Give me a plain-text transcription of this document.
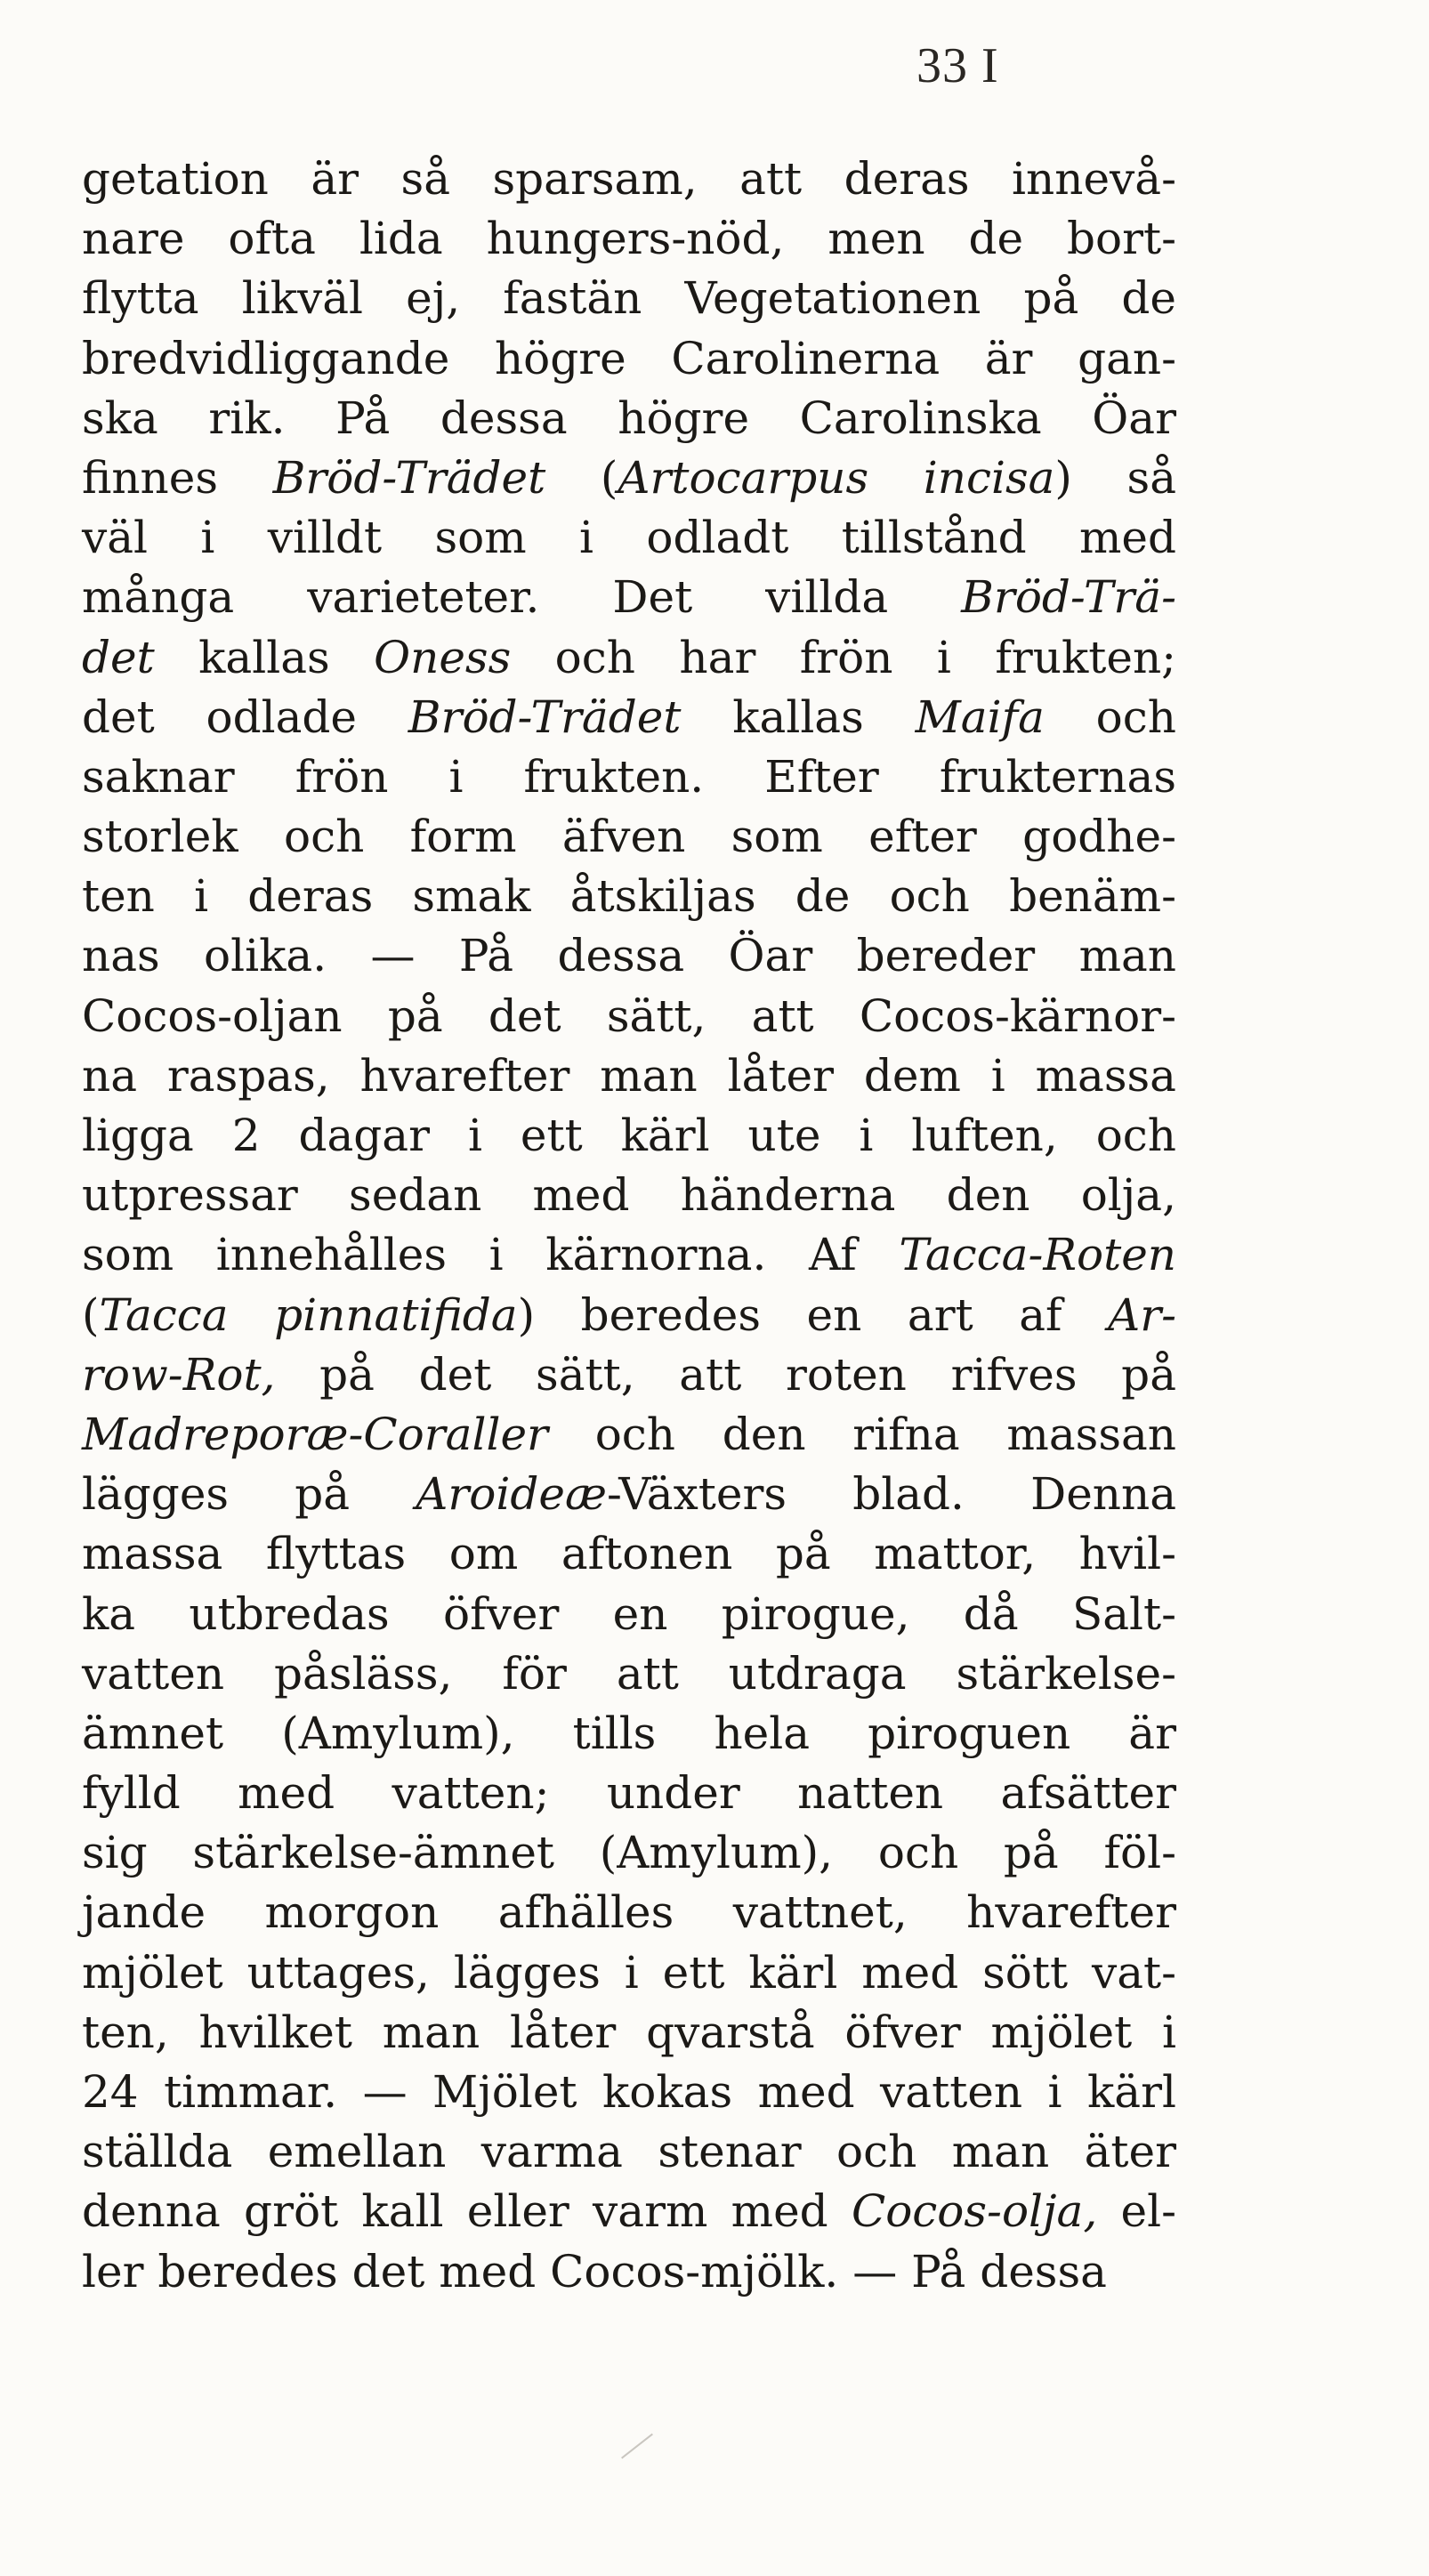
33 I
getation är så sparsam, att deras innevå-
nare ofta lida hungers-nöd, men de bort-
flytta likväl ej, fastän Vegetationen på de
bredvidliggande högre Carolinerna är gan-
ska rik. På dessa högre Carolinska Öar
finnes Bröd-Trädet (Artocarpus incisa) så
väl i villdt som i odladt tillstånd med
många varieteter. Det villda Bröd-Trä-
det kallas Oness och har frön i frukten;
det odlade Bröd-Trädet kallas Maifa och
saknar frön i frukten. Efter frukternas
storlek och form äfven som efter godhe-
ten i deras smak åtskiljas de och benäm-
nas olika. — På dessa Öar bereder man
Cocos-oljan på det sätt, att Cocos-kärnor-
na raspas, hvarefter man låter dem i massa
ligga 2 dagar i ett kärl ute i luften, och
utpressar sedan med händerna den olja,
som innehålles i kärnorna. Af Tacca-Roten
(Tacca pinnatifida) beredes en art af Ar-
row-Rot, på det sätt, att roten rifves på
Madreporæ-Coraller och den rifna massan
lägges på Aroideæ-Växters blad. Denna
massa flyttas om aftonen på mattor, hvil-
ka utbredas öfver en pirogue, då Salt-
vatten påsläss, för att utdraga stärkelse-
ämnet (Amylum), tills hela piroguen är
fylld med vatten; under natten afsätter
sig stärkelse-ämnet (Amylum), och på föl-
jande morgon afhälles vattnet, hvarefter
mjölet uttages, lägges i ett kärl med sött vat-
ten, hvilket man låter qvarstå öfver mjölet i
24 timmar. — Mjölet kokas med vatten i kärl
ställda emellan varma stenar och man äter
denna gröt kall eller varm med Cocos-olja, el-
ler beredes det med Cocos-mjölk. — På dessa
